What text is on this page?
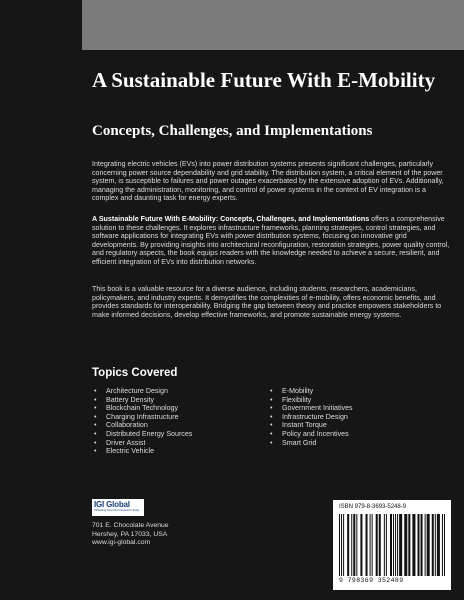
A Sustainable Future With E-Mobility
Concepts, Challenges, and Implementations

Integrating electric vehicles (EVs) into power distribution systems presents significant challenges, particularly concerning power source dependability and grid stability. The distribution system, a critical element of the power system, is susceptible to failures and power outages exacerbated by the extensive adoption of EVs. Additionally, managing the administration, monitoring, and control of power systems in the context of EV integration is a complex and daunting task for energy experts.

A Sustainable Future With E-Mobility: Concepts, Challenges, and Implementations offers a comprehensive solution to these challenges. It explores infrastructure frameworks, planning strategies, control strategies, and software applications for integrating EVs with power distribution systems, focusing on innovative grid developments. By providing insights into architectural reconfiguration, restoration strategies, power quality control, and regulatory aspects, the book equips readers with the knowledge needed to achieve a secure, resilient, and efficient integration of EVs into distribution networks.

This book is a valuable resource for a diverse audience, including students, researchers, academicians, policymakers, and industry experts. It demystifies the complexities of e-mobility, offers economic benefits, and provides standards for interoperability. Bridging the gap between theory and practice empowers stakeholders to make informed decisions, develop effective frameworks, and promote sustainable energy systems.

Topics Covered
• Architecture Design
• Battery Density
• Blockchain Technology
• Charging Infrastructure
• Collaboration
• Distributed Energy Sources
• Driver Assist
• Electric Vehicle
• E-Mobility
• Flexibility
• Government Initiatives
• Infrastructure Design
• Instant Torque
• Policy and Incentives
• Smart Grid
IGI Global
Publishing Tomorrow's Research Today
701 E. Chocolate Avenue
Hershey, PA 17033, USA
www.igi-global.com
ISBN 979-8-3693-5248-9
9 798369 352489
